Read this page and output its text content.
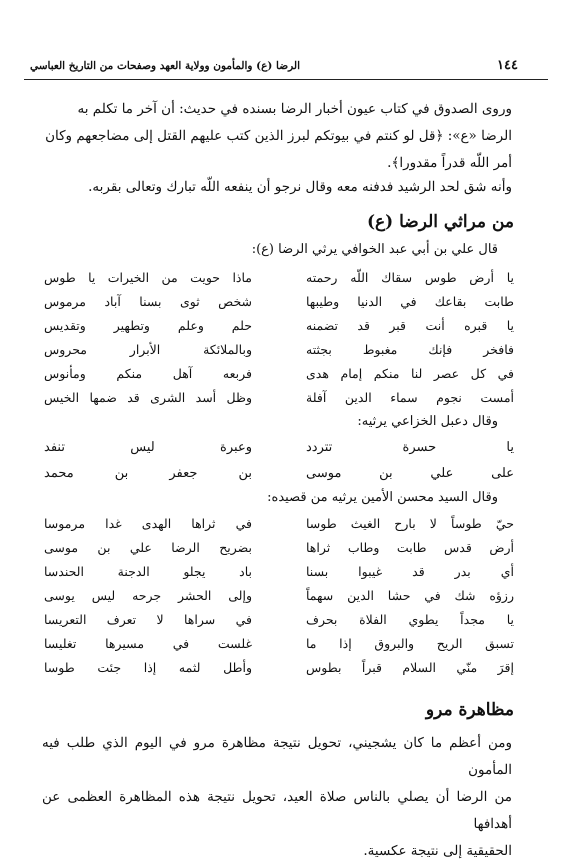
١٤٤
الرضا (ع) والمأمون وولاية العهد وصفحات من التاريخ العباسي
وروى الصدوق في كتاب عيون أخبار الرضا بسنده في حديث: أن آخر ما تكلم به
الرضا «ع»: ﴿قل لو كنتم في بيوتكم لبرز الذين كتب عليهم القتل إلى مضاجعهم وكان
أمر اللّه قدراً مقدورا﴾.
وأنه شق لحد الرشيد فدفنه معه وقال نرجو أن ينفعه اللّه تبارك وتعالى بقربه.
من مراثي الرضا (ع)
قال علي بن أبي عبد الخوافي يرثي الرضا (ع):
يا أرض طوس سقاك اللّه رحمته
ماذا حويت من الخيرات يا طوس
طابت بقاعك في الدنيا وطيبها
شخص ثوى بسنا آباد مرموس
يا قبره أنت قبر قد تضمنه
حلم وعلم وتطهير وتقديس
فافخر فإنك مغبوط بجثته
وبالملائكة الأبرار محروس
في كل عصر لنا منكم إمام هدى
فربعه آهل منكم ومأنوس
أمست نجوم سماء الدين آفلة
وظل أسد الشرى قد ضمها الخيس
وقال دعبل الخزاعي يرثيه:
يا حسرة تتردد
وعبرة ليس تنفد
على علي بن موسى
بن جعفر بن محمد
وقال السيد محسن الأمين يرثيه من قصيده:
حيّ طوساً لا بارح الغيث طوسا
في ثراها الهدى غدا مرموسا
أرض قدس طابت وطاب ثراها
بضريح الرضا علي بن موسى
أي بدر قد غيبوا بسنا
باد يجلو الدجنة الحندسا
رزؤه شك في حشا الدين سهماً
وإلى الحشر جرحه ليس يوسى
يا مجداً يطوي الفلاة بحرف
في سراها لا تعرف التعريسا
تسبق الريح والبروق إذا ما
غلست في مسيرها تغليسا
إقرَ منّي السلام قبراً بطوس
وأطل لثمه إذا جئت طوسا
مظاهرة مرو
ومن أعظم ما كان يشجيني، تحويل نتيجة مظاهرة مرو في اليوم الذي طلب فيه المأمون
من الرضا أن يصلي بالناس صلاة العيد، تحويل نتيجة هذه المظاهرة العظمى عن أهدافها
الحقيقية إلى نتيجة عكسية.
